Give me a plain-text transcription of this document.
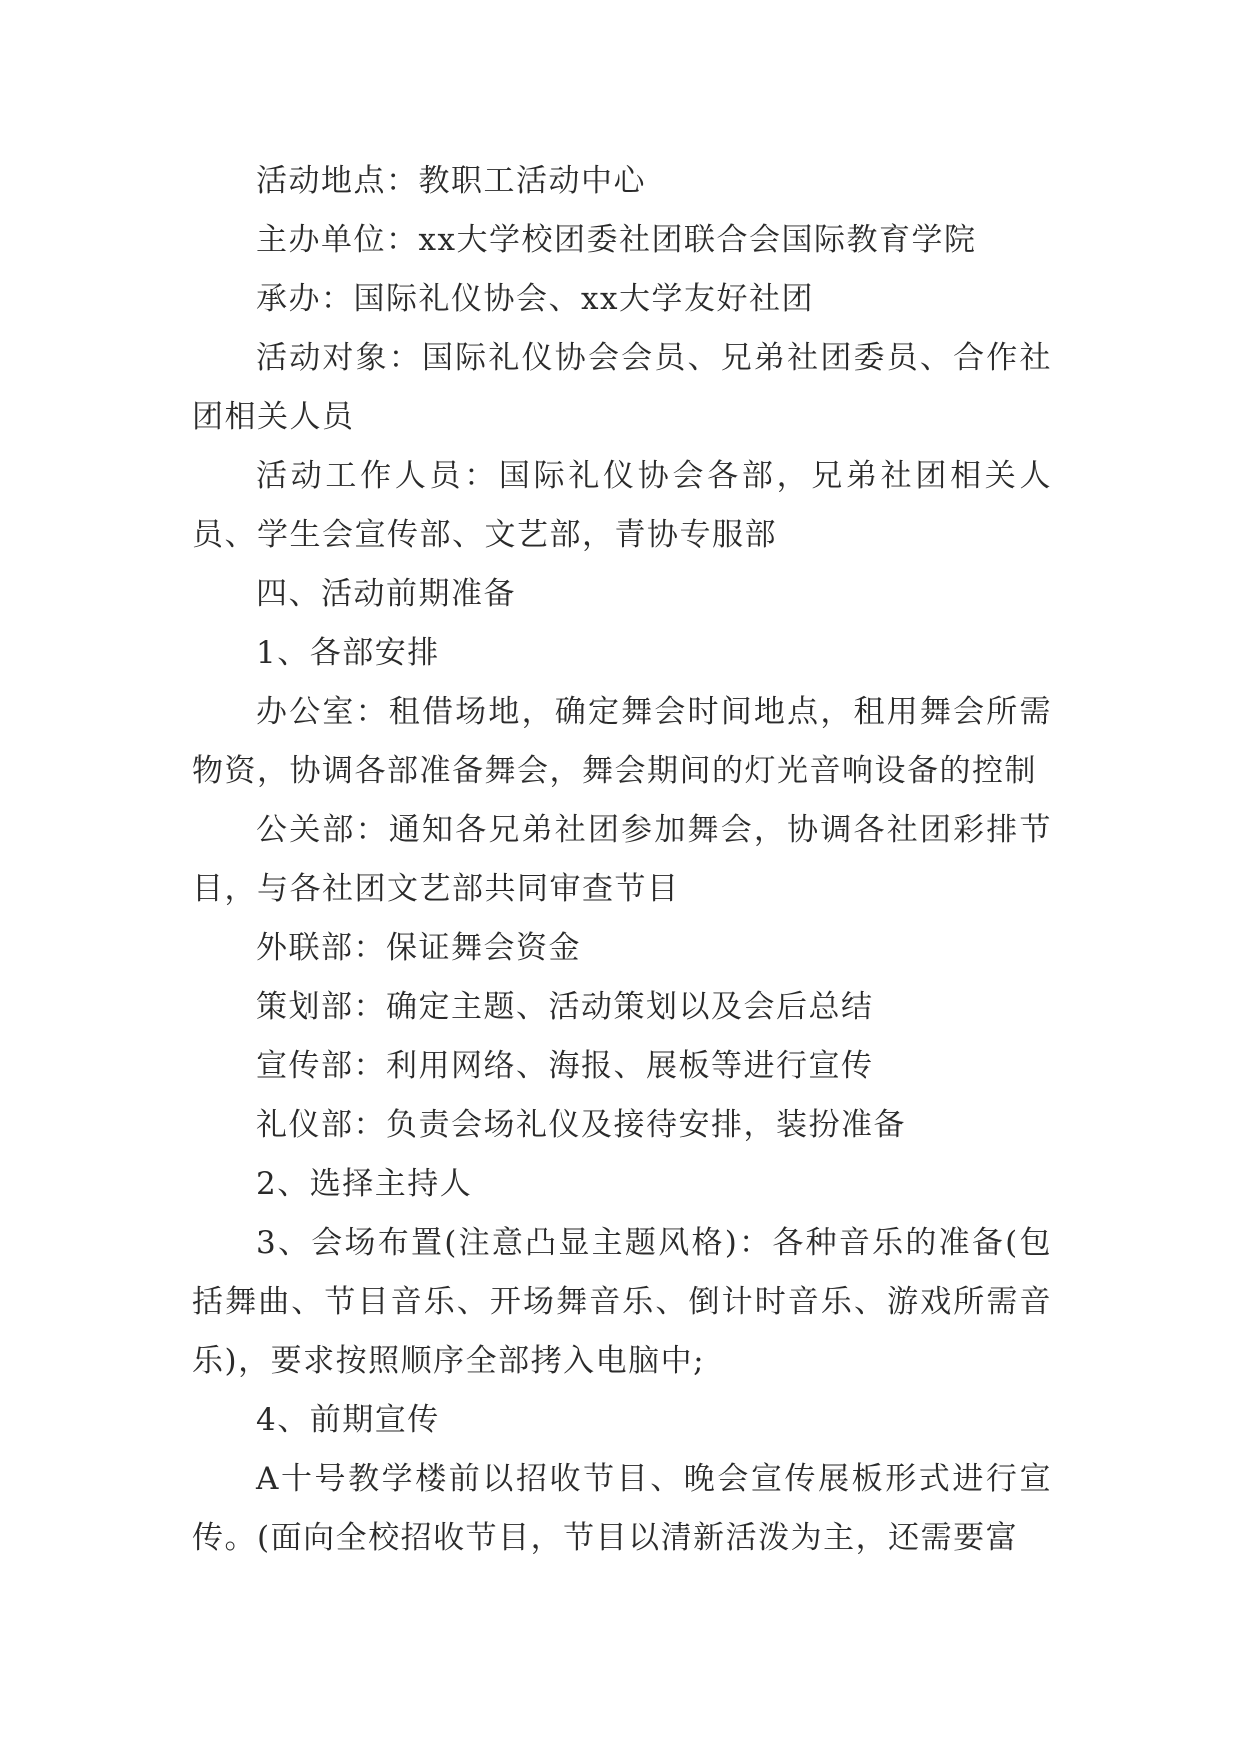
活动地点：教职工活动中心

主办单位：xx大学校团委社团联合会国际教育学院

承办：国际礼仪协会、xx大学友好社团

活动对象：国际礼仪协会会员、兄弟社团委员、合作社团相关人员

活动工作人员：国际礼仪协会各部，兄弟社团相关人员、学生会宣传部、文艺部，青协专服部

四、活动前期准备

1、各部安排

办公室：租借场地，确定舞会时间地点，租用舞会所需物资，协调各部准备舞会，舞会期间的灯光音响设备的控制

公关部：通知各兄弟社团参加舞会，协调各社团彩排节目，与各社团文艺部共同审查节目

外联部：保证舞会资金

策划部：确定主题、活动策划以及会后总结

宣传部：利用网络、海报、展板等进行宣传

礼仪部：负责会场礼仪及接待安排，装扮准备

2、选择主持人

3、会场布置(注意凸显主题风格)：各种音乐的准备(包括舞曲、节目音乐、开场舞音乐、倒计时音乐、游戏所需音乐)，要求按照顺序全部拷入电脑中;

4、前期宣传

A十号教学楼前以招收节目、晚会宣传展板形式进行宣传。(面向全校招收节目，节目以清新活泼为主，还需要富
